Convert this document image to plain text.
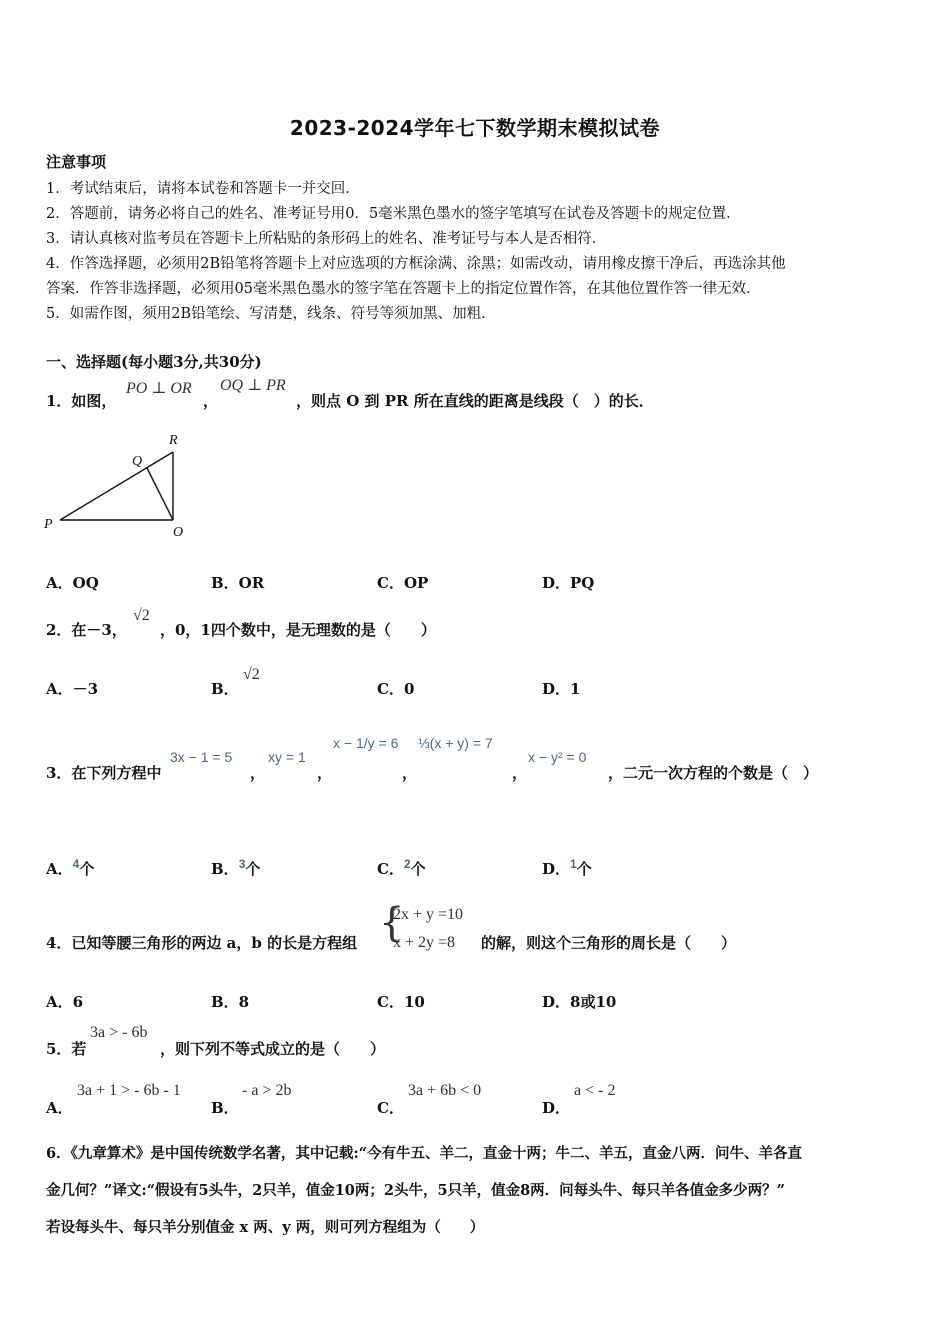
2023-2024学年七下数学期末模拟试卷
注意事项
1．考试结束后，请将本试卷和答题卡一并交回．
2．答题前，请务必将自己的姓名、准考证号用0．5毫米黑色墨水的签字笔填写在试卷及答题卡的规定位置．
3．请认真核对监考员在答题卡上所粘贴的条形码上的姓名、准考证号与本人是否相符．
4．作答选择题，必须用2B铅笔将答题卡上对应选项的方框涂满、涂黑；如需改动，请用橡皮擦干净后，再选涂其他
答案．作答非选择题，必须用05毫米黑色墨水的签字笔在答题卡上的指定位置作答，在其他位置作答一律无效．
5．如需作图，须用2B铅笔绘、写清楚，线条、符号等须加黑、加粗．
一、选择题(每小题3分,共30分)
1．如图，
PO ⊥ OR
，
OQ ⊥ PR
，则点 O 到 PR 所在直线的距离是线段（　）的长．
R
Q
P
O
A．OQ	B．OR	C．OP	D．PQ
2．在－3，
√2
，0，1四个数中，是无理数的是（　　）
A．－3	B．
√2
C．0	D．1
3．在下列方程中
3x − 1 = 5
，
xy = 1
，
x − 1/y = 6
，
⅓(x + y) = 7
，
x − y² = 0
，二元一次方程的个数是（　）
A．$^4$个	B．$^3$个	C．$^2$个	D．$^1$个
4．已知等腰三角形的两边 a，b 的长是方程组 {
2x + y =10
x + 2y =8 的解，则这个三角形的周长是（　　）
A．6	B．8	C．10	D．8或10
5．若
3a > - 6b
，则下列不等式成立的是（　　）
A．
3a + 1 > - 6b - 1
B．
- a > 2b
C．
3a + 6b < 0
D．
a < - 2
6．《九章算术》是中国传统数学名著，其中记载:“今有牛五、羊二，直金十两；牛二、羊五，直金八两．问牛、羊各直
金几何？”译文:“假设有5头牛，2只羊，值金10两；2头牛，5只羊，值金8两．问每头牛、每只羊各值金多少两？”
若设每头牛、每只羊分别值金 x 两、y 两，则可列方程组为（　　）
